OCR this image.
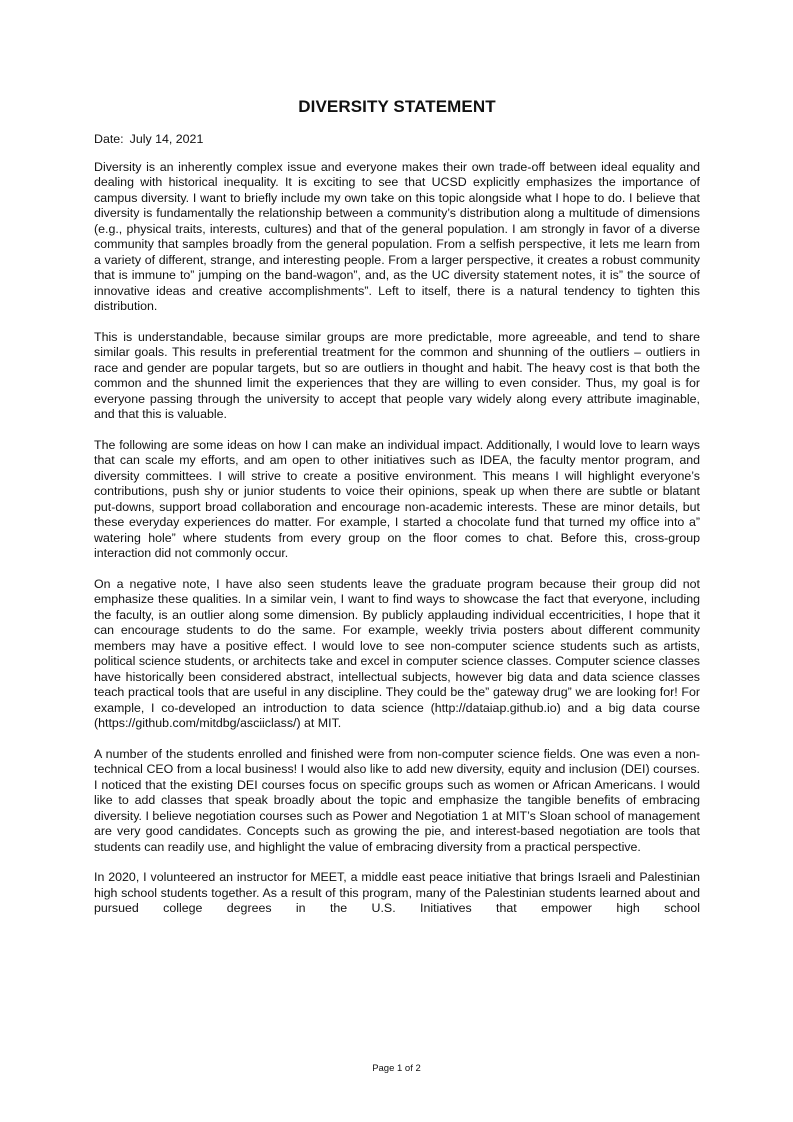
DIVERSITY STATEMENT
Date: July 14, 2021

Diversity is an inherently complex issue and everyone makes their own trade-off between ideal equality and dealing with historical inequality. It is exciting to see that UCSD explicitly emphasizes the importance of campus diversity. I want to briefly include my own take on this topic alongside what I hope to do. I believe that diversity is fundamentally the relationship between a community’s distribution along a multitude of dimensions (e.g., physical traits, interests, cultures) and that of the general population. I am strongly in favor of a diverse community that samples broadly from the general population. From a selfish perspective, it lets me learn from a variety of different, strange, and interesting people. From a larger perspective, it creates a robust community that is immune to” jumping on the band-wagon”, and, as the UC diversity statement notes, it is” the source of innovative ideas and creative accomplishments”. Left to itself, there is a natural tendency to tighten this distribution.

This is understandable, because similar groups are more predictable, more agreeable, and tend to share similar goals. This results in preferential treatment for the common and shunning of the outliers – outliers in race and gender are popular targets, but so are outliers in thought and habit. The heavy cost is that both the common and the shunned limit the experiences that they are willing to even consider. Thus, my goal is for everyone passing through the university to accept that people vary widely along every attribute imaginable, and that this is valuable.

The following are some ideas on how I can make an individual impact. Additionally, I would love to learn ways that can scale my efforts, and am open to other initiatives such as IDEA, the faculty mentor program, and diversity committees. I will strive to create a positive environment. This means I will highlight everyone’s contributions, push shy or junior students to voice their opinions, speak up when there are subtle or blatant put-downs, support broad collaboration and encourage non-academic interests. These are minor details, but these everyday experiences do matter. For example, I started a chocolate fund that turned my office into a” watering hole” where students from every group on the floor comes to chat. Before this, cross-group interaction did not commonly occur.

On a negative note, I have also seen students leave the graduate program because their group did not emphasize these qualities. In a similar vein, I want to find ways to showcase the fact that everyone, including the faculty, is an outlier along some dimension. By publicly applauding individual eccentricities, I hope that it can encourage students to do the same. For example, weekly trivia posters about different community members may have a positive effect. I would love to see non-computer science students such as artists, political science students, or architects take and excel in computer science classes. Computer science classes have historically been considered abstract, intellectual subjects, however big data and data science classes teach practical tools that are useful in any discipline. They could be the” gateway drug” we are looking for! For example, I co-developed an introduction to data science (http://dataiap.github.io) and a big data course (https://github.com/mitdbg/asciiclass/) at MIT.

A number of the students enrolled and finished were from non-computer science fields. One was even a non-technical CEO from a local business! I would also like to add new diversity, equity and inclusion (DEI) courses. I noticed that the existing DEI courses focus on specific groups such as women or African Americans. I would like to add classes that speak broadly about the topic and emphasize the tangible benefits of embracing diversity. I believe negotiation courses such as Power and Negotiation 1 at MIT’s Sloan school of management are very good candidates. Concepts such as growing the pie, and interest-based negotiation are tools that students can readily use, and highlight the value of embracing diversity from a practical perspective.

In 2020, I volunteered an instructor for MEET, a middle east peace initiative that brings Israeli and Palestinian high school students together. As a result of this program, many of the Palestinian students learned about and pursued college degrees in the U.S. Initiatives that empower high school

Page 1 of 2
